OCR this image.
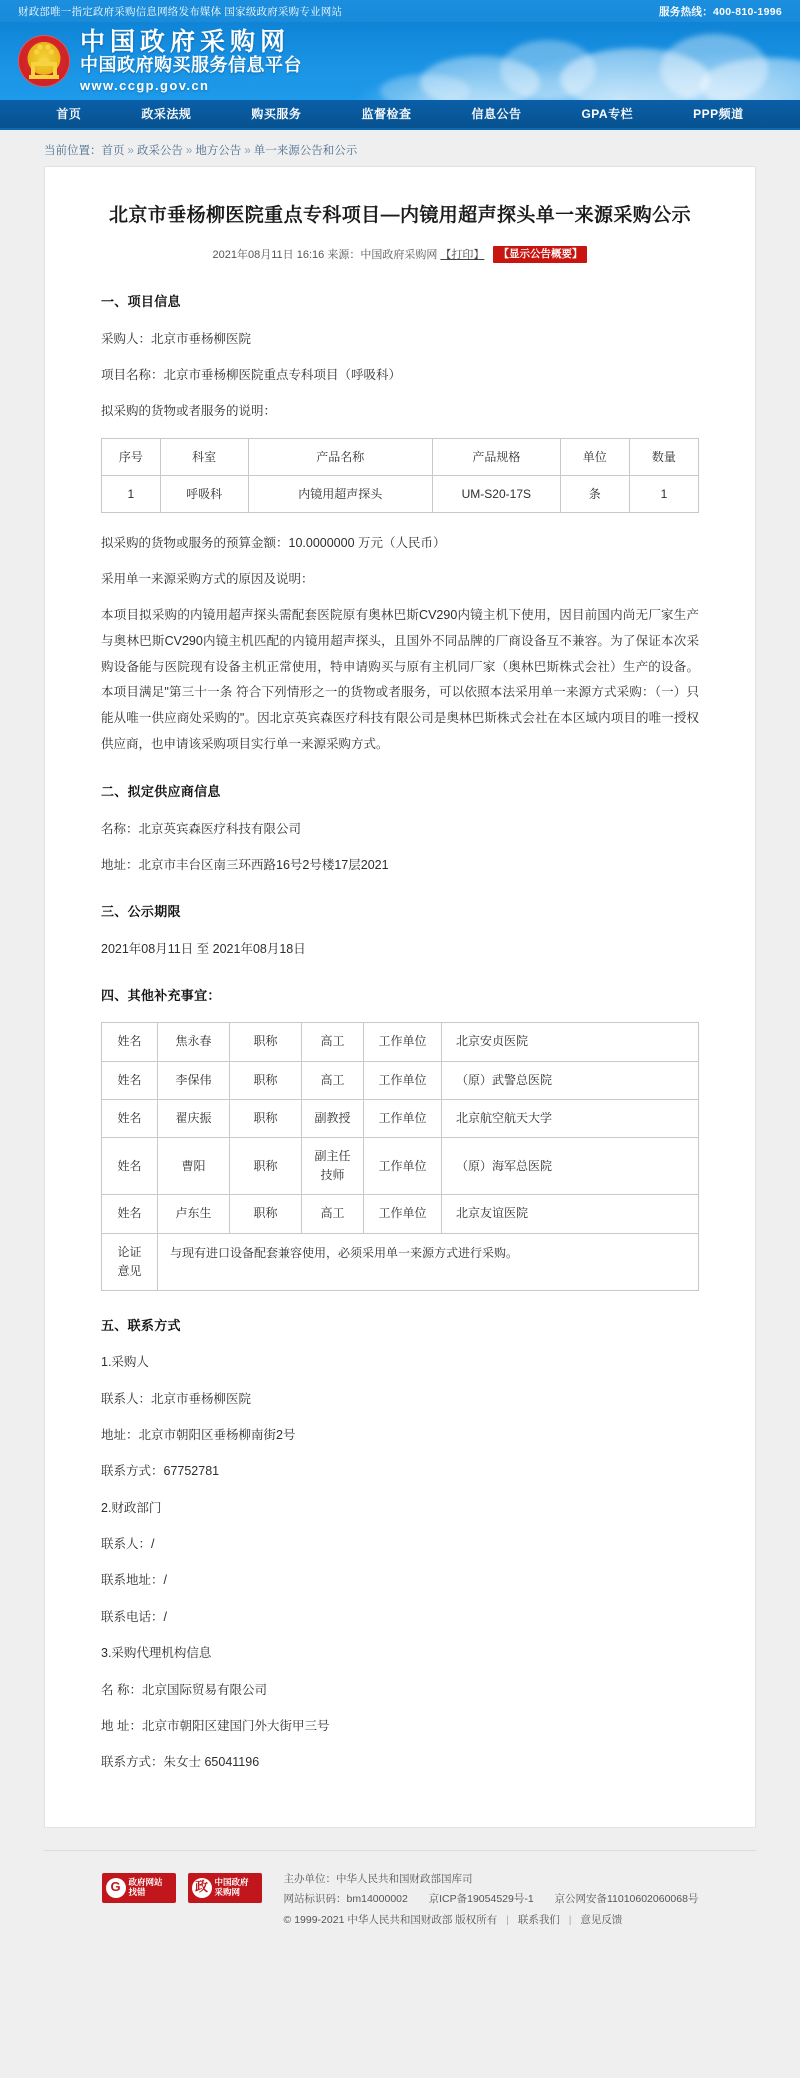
财政部唯一指定政府采购信息网络发布媒体 国家级政府采购专业网站	服务热线：400-810-1996
中国政府采购网
中国政府购买服务信息平台
www.ccgp.gov.cn
首页	政采法规	购买服务	监督检查	信息公告	GPA专栏	PPP频道
当前位置：首页 » 政采公告 » 地方公告 » 单一来源公告和公示
北京市垂杨柳医院重点专科项目—内镜用超声探头单一来源采购公示
2021年08月11日 16:16 来源：中国政府采购网 【打印】 【显示公告概要】
一、项目信息
采购人：北京市垂杨柳医院
项目名称：北京市垂杨柳医院重点专科项目（呼吸科）
拟采购的货物或者服务的说明：
序号	科室	产品名称	产品规格	单位	数量
1	呼吸科	内镜用超声探头	UM-S20-17S	条	1
拟采购的货物或服务的预算金额：10.0000000 万元（人民币）
采用单一来源采购方式的原因及说明：
本项目拟采购的内镜用超声探头需配套医院原有奥林巴斯CV290内镜主机下使用，因目前国内尚无厂家生产与奥林巴斯CV290内镜主机匹配的内镜用超声探头，且国外不同品牌的厂商设备互不兼容。为了保证本次采购设备能与医院现有设备主机正常使用，特申请购买与原有主机同厂家（奥林巴斯株式会社）生产的设备。本项目满足"第三十一条 符合下列情形之一的货物或者服务，可以依照本法采用单一来源方式采购：（一）只能从唯一供应商处采购的"。因北京英宾森医疗科技有限公司是奥林巴斯株式会社在本区域内项目的唯一授权供应商，也申请该采购项目实行单一来源采购方式。
二、拟定供应商信息
名称：北京英宾森医疗科技有限公司
地址：北京市丰台区南三环西路16号2号楼17层2021
三、公示期限
2021年08月11日 至 2021年08月18日
四、其他补充事宜：
姓名	焦永春	职称	高工	工作单位	北京安贞医院
姓名	李保伟	职称	高工	工作单位	（原）武警总医院
姓名	翟庆振	职称	副教授	工作单位	北京航空航天大学
姓名	曹阳	职称	副主任技师	工作单位	（原）海军总医院
姓名	卢东生	职称	高工	工作单位	北京友谊医院

论证
意见	与现有进口设备配套兼容使用，必须采用单一来源方式进行采购。				
五、联系方式
1.采购人
联系人：北京市垂杨柳医院
地址：北京市朝阳区垂杨柳南街2号
联系方式：67752781
2.财政部门
联系人：/
联系地址：/
联系电话：/
3.采购代理机构信息
名 称：北京国际贸易有限公司
地 址：北京市朝阳区建国门外大街甲三号
联系方式：朱女士 65041196
G 政府网站
找错	政 中国政府
采购网
主办单位：中华人民共和国财政部国库司
网站标识码：bm14000002 京ICP备19054529号-1 京公网安备11010602060068号
© 1999-2021 中华人民共和国财政部 版权所有 | 联系我们 | 意见反馈
